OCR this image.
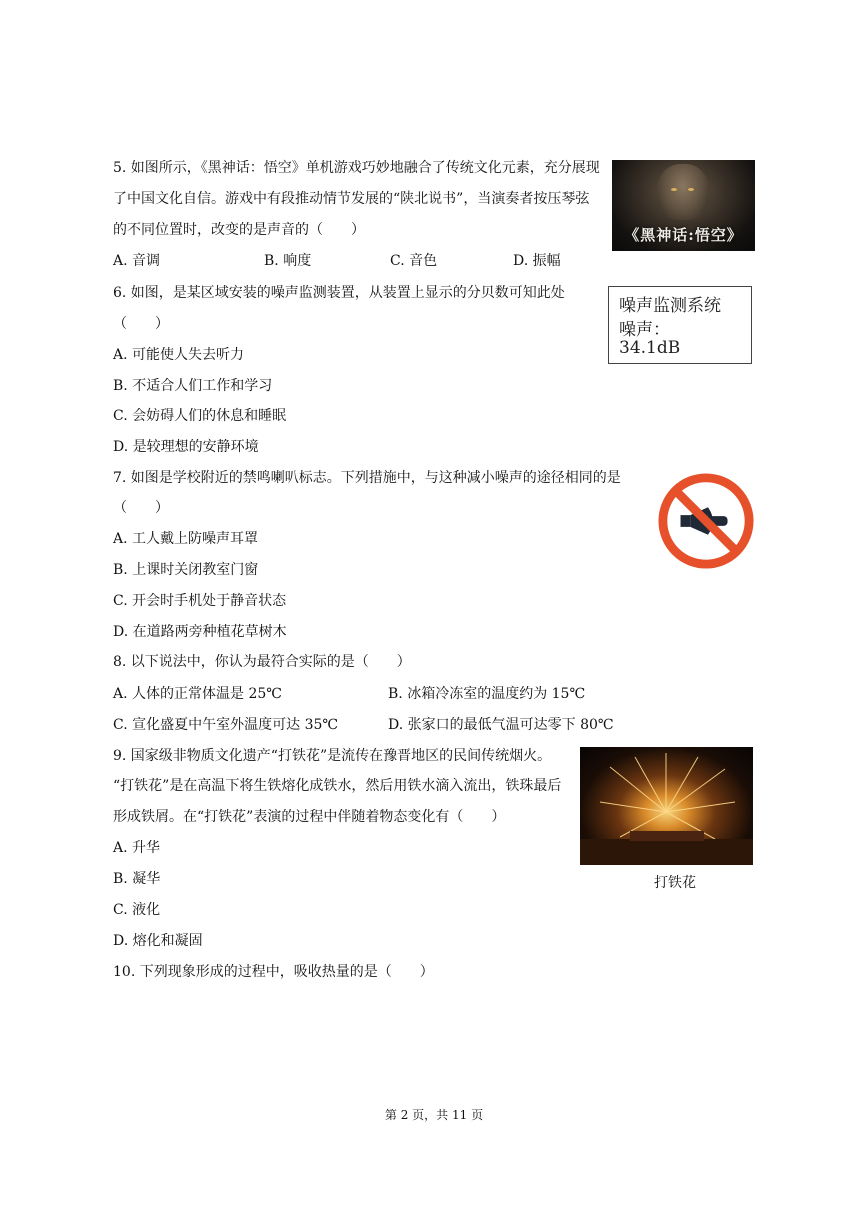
5. 如图所示，《黑神话：悟空》单机游戏巧妙地融合了传统文化元素，充分展现
了中国文化自信。游戏中有段推动情节发展的“陕北说书”，当演奏者按压琴弦
的不同位置时，改变的是声音的（　　）
A. 音调	B. 响度	C. 音色	D. 振幅
《黑神话:悟空》
6. 如图，是某区域安装的噪声监测装置，从装置上显示的分贝数可知此处
（　　）
A. 可能使人失去听力
B. 不适合人们工作和学习
C. 会妨碍人们的休息和睡眠
D. 是较理想的安静环境
噪声监测系统
噪声：
34.1dB
7. 如图是学校附近的禁鸣喇叭标志。下列措施中，与这种减小噪声的途径相同的是
（　　）
A. 工人戴上防噪声耳罩
B. 上课时关闭教室门窗
C. 开会时手机处于静音状态
D. 在道路两旁种植花草树木
8. 以下说法中，你认为最符合实际的是（　　）
A. 人体的正常体温是 25℃	B. 冰箱冷冻室的温度约为 15℃
C. 宣化盛夏中午室外温度可达 35℃	D. 张家口的最低气温可达零下 80℃
9. 国家级非物质文化遗产“打铁花”是流传在豫晋地区的民间传统烟火。
“打铁花”是在高温下将生铁熔化成铁水，然后用铁水滴入流出，铁珠最后
形成铁屑。在“打铁花”表演的过程中伴随着物态变化有（　　）
A. 升华
B. 凝华
C. 液化
D. 熔化和凝固
打铁花
10. 下列现象形成的过程中，吸收热量的是（　　）
第 2 页，共 11 页
